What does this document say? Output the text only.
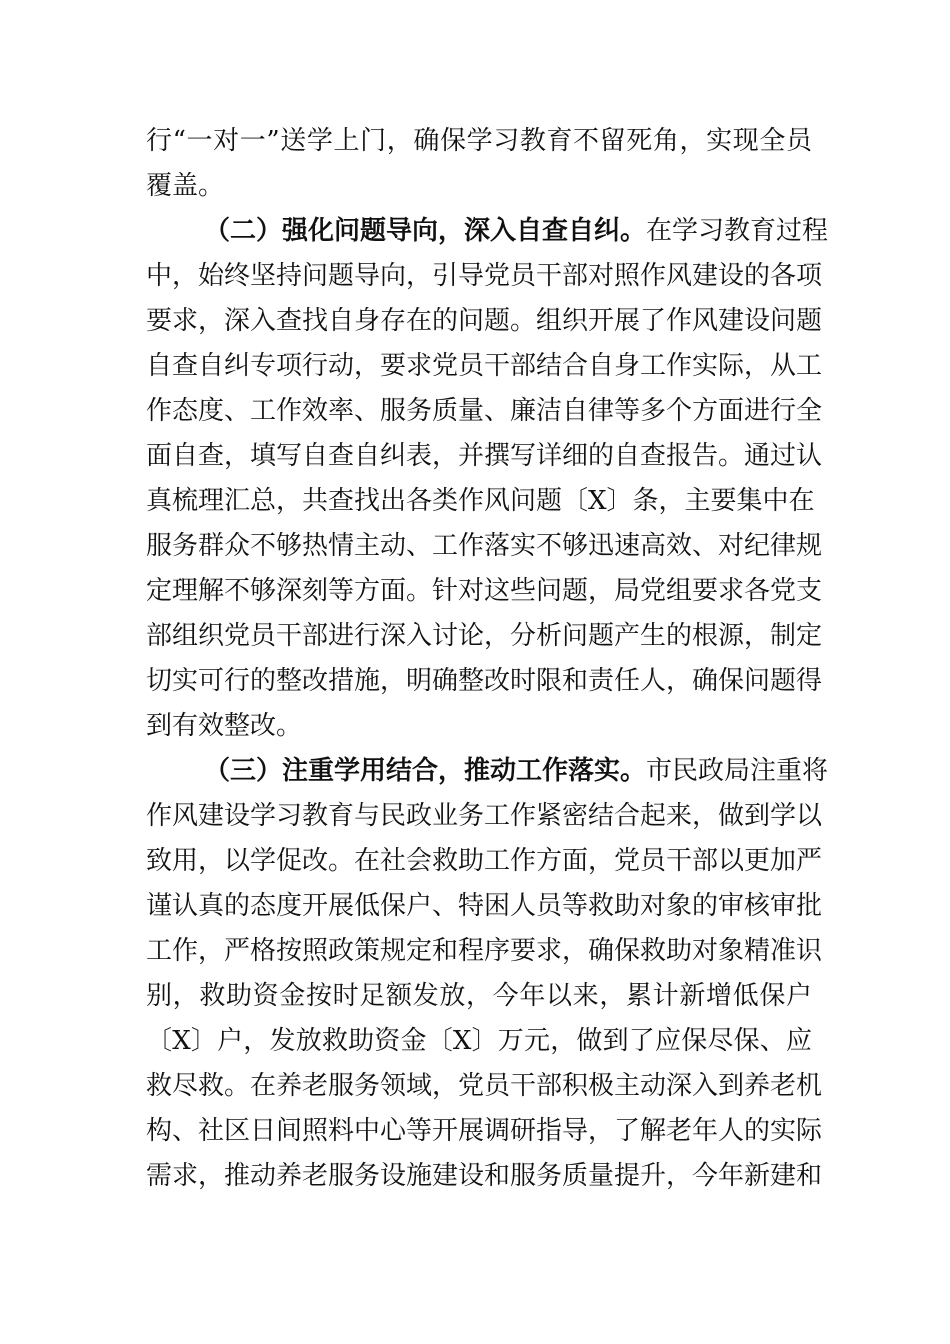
行“一对一”送学上门，确保学习教育不留死角，实现全员
覆盖。
（二）强化问题导向，深入自查自纠。在学习教育过程
中，始终坚持问题导向，引导党员干部对照作风建设的各项
要求，深入查找自身存在的问题。组织开展了作风建设问题
自查自纠专项行动，要求党员干部结合自身工作实际，从工
作态度、工作效率、服务质量、廉洁自律等多个方面进行全
面自查，填写自查自纠表，并撰写详细的自查报告。通过认
真梳理汇总，共查找出各类作风问题〔X〕条，主要集中在
服务群众不够热情主动、工作落实不够迅速高效、对纪律规
定理解不够深刻等方面。针对这些问题，局党组要求各党支
部组织党员干部进行深入讨论，分析问题产生的根源，制定
切实可行的整改措施，明确整改时限和责任人，确保问题得
到有效整改。
（三）注重学用结合，推动工作落实。市民政局注重将
作风建设学习教育与民政业务工作紧密结合起来，做到学以
致用，以学促改。在社会救助工作方面，党员干部以更加严
谨认真的态度开展低保户、特困人员等救助对象的审核审批
工作，严格按照政策规定和程序要求，确保救助对象精准识
别，救助资金按时足额发放，今年以来，累计新增低保户
〔X〕户，发放救助资金〔X〕万元，做到了应保尽保、应
救尽救。在养老服务领域，党员干部积极主动深入到养老机
构、社区日间照料中心等开展调研指导，了解老年人的实际
需求，推动养老服务设施建设和服务质量提升，今年新建和
